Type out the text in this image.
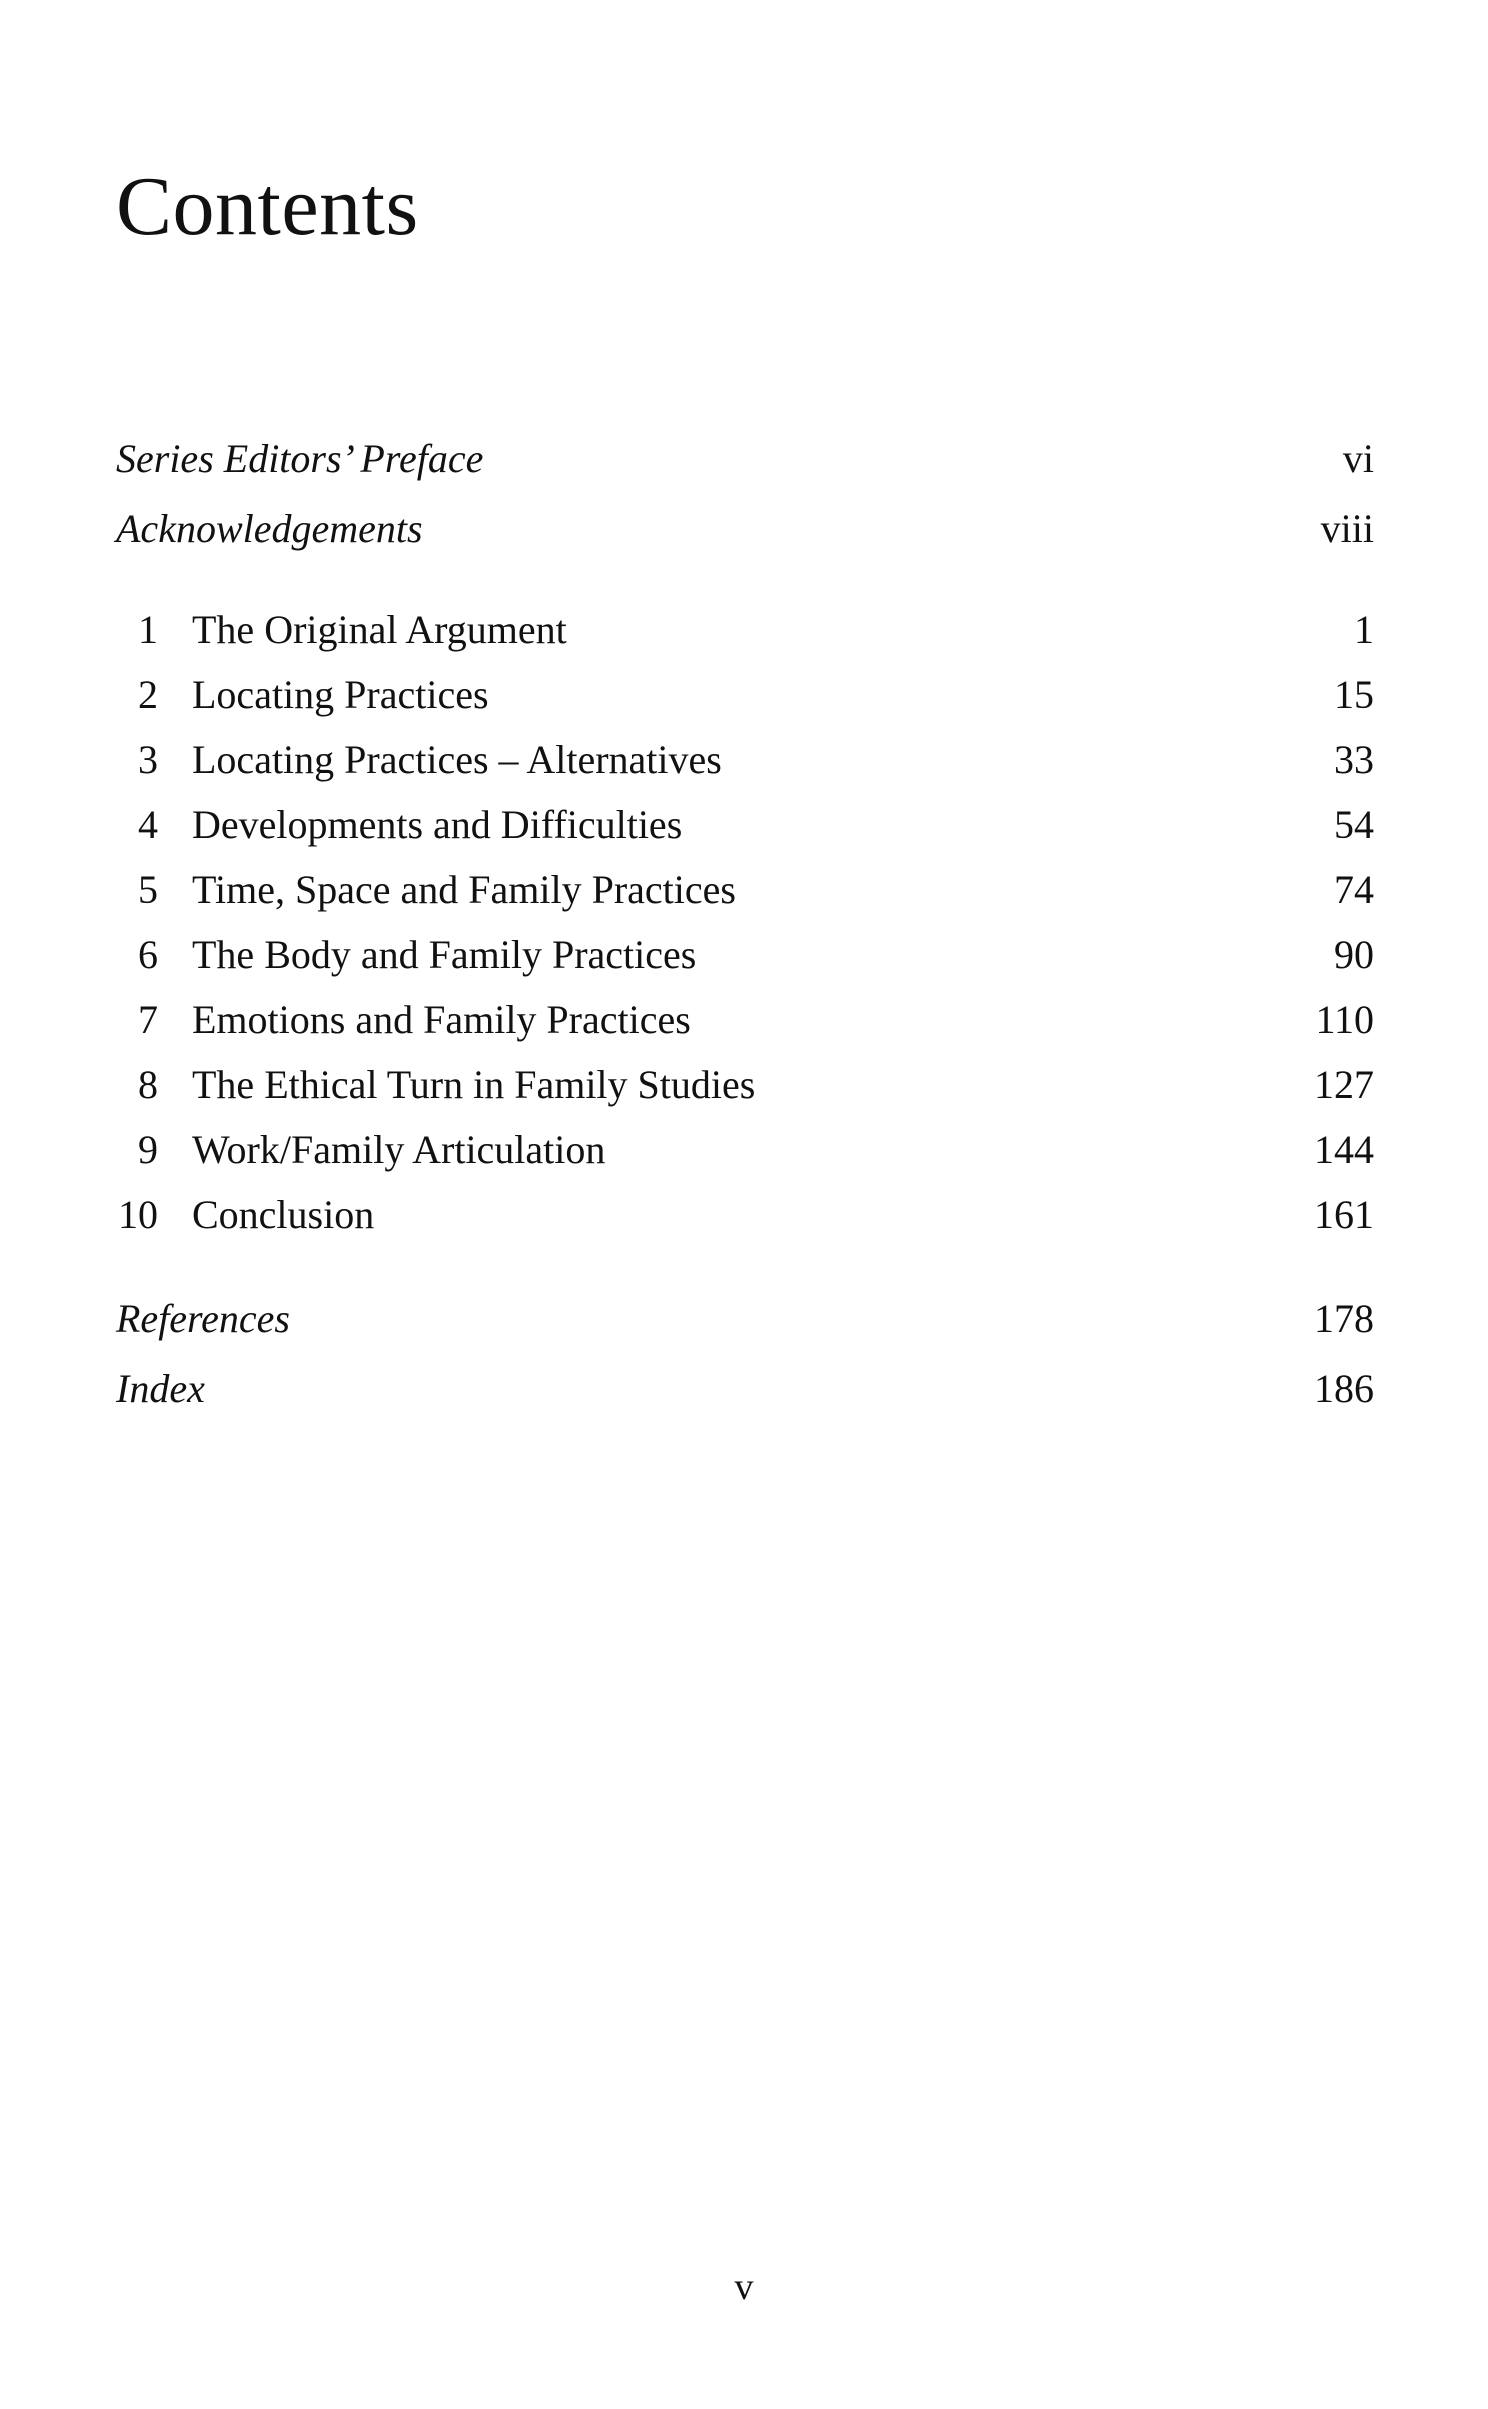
Contents
Series Editors’ Preface	vi
Acknowledgements	viii
1 The Original Argument	1
2 Locating Practices	15
3 Locating Practices – Alternatives	33
4 Developments and Difficulties	54
5 Time, Space and Family Practices	74
6 The Body and Family Practices	90
7 Emotions and Family Practices	110
8 The Ethical Turn in Family Studies	127
9 Work/Family Articulation	144
10 Conclusion	161
References	178
Index	186
v
